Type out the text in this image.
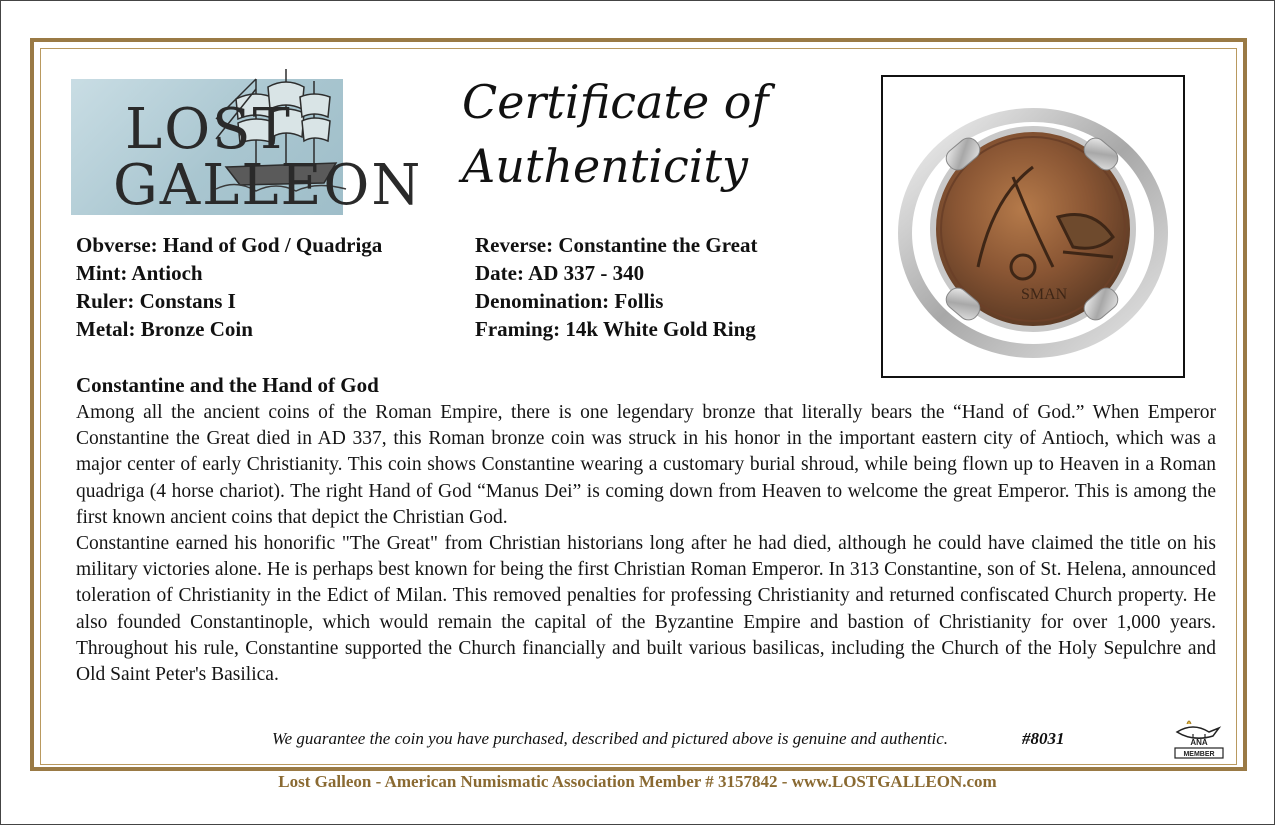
LOST
GALLEON
Certificate of
Authenticity
SMAN
Obverse: Hand of God / Quadriga
Mint: Antioch
Ruler: Constans I
Metal: Bronze Coin
Reverse: Constantine the Great
Date: AD 337 - 340
Denomination: Follis
Framing: 14k White Gold Ring
Constantine and the Hand of God

Among all the ancient coins of the Roman Empire, there is one legendary bronze that literally bears the “Hand of God.” When Emperor Constantine the Great died in AD 337, this Roman bronze coin was struck in his honor in the important eastern city of Antioch, which was a major center of early Christianity. This coin shows Constantine wearing a customary burial shroud, while being flown up to Heaven in a Roman quadriga (4 horse chariot). The right Hand of God “Manus Dei” is coming down from Heaven to welcome the great Emperor. This is among the first known ancient coins that depict the Christian God.

Constantine earned his honorific "The Great" from Christian historians long after he had died, although he could have claimed the title on his military victories alone. He is perhaps best known for being the first Christian Roman Emperor. In 313 Constantine, son of St. Helena, announced toleration of Christianity in the Edict of Milan. This removed penalties for professing Christianity and returned confiscated Church property. He also founded Constantinople, which would remain the capital of the Byzantine Empire and bastion of Christianity for over 1,000 years. Throughout his rule, Constantine supported the Church financially and built various basilicas, including the Church of the Holy Sepulchre and Old Saint Peter's Basilica.

We guarantee the coin you have purchased, described and pictured above is genuine and authentic.	#8031	ANA
MEMBER
Lost Galleon - American Numismatic Association Member # 3157842 - www.LOSTGALLEON.com
